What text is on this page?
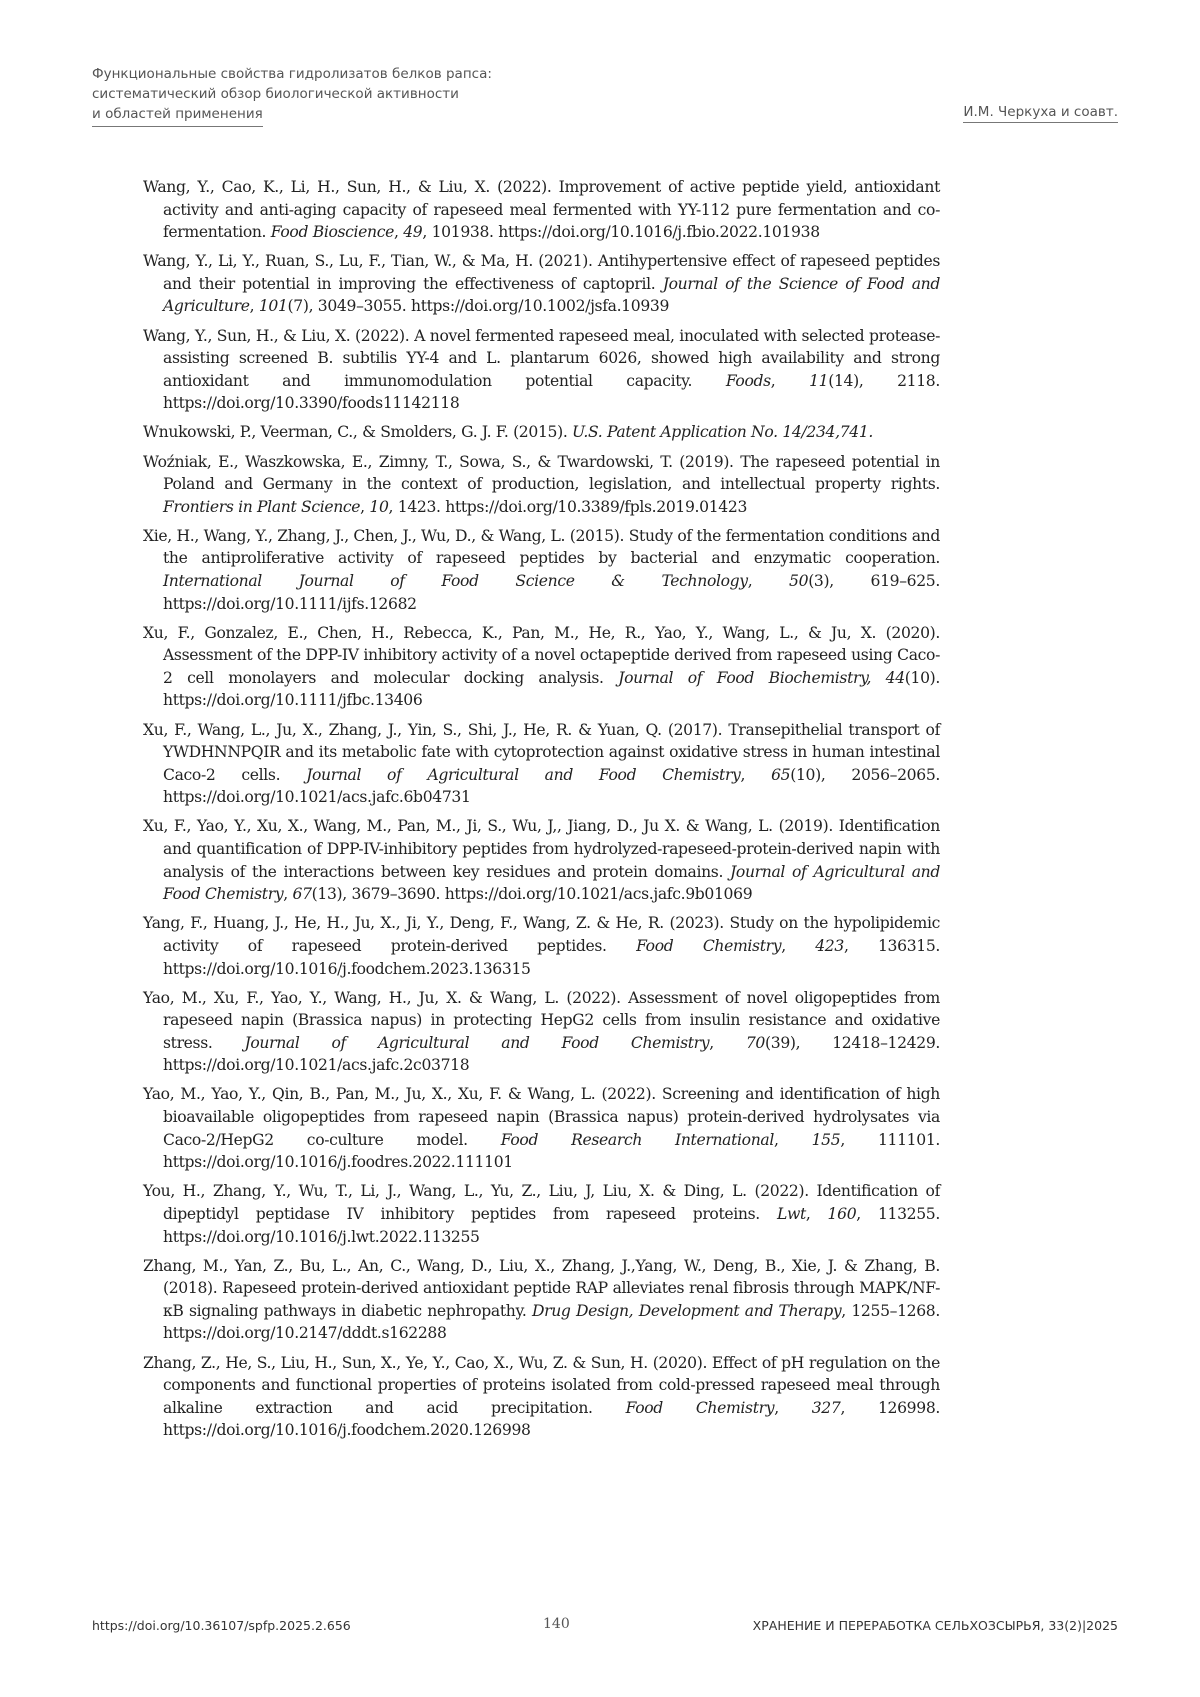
Функциональные свойства гидролизатов белков рапса:
систематический обзор биологической активности
и областей применения	И.М. Черкуха и соавт.
Wang, Y., Cao, K., Li, H., Sun, H., & Liu, X. (2022). Improvement of active peptide yield, antioxidant activity and anti-aging capacity of rapeseed meal fermented with YY-112 pure fermentation and co-fermentation. Food Bioscience, 49, 101938. https://doi.org/10.1016/j.fbio.2022.101938
Wang, Y., Li, Y., Ruan, S., Lu, F., Tian, W., & Ma, H. (2021). Antihypertensive effect of rapeseed peptides and their potential in improving the effectiveness of captopril. Journal of the Science of Food and Agriculture, 101(7), 3049–3055. https://doi.org/10.1002/jsfa.10939
Wang, Y., Sun, H., & Liu, X. (2022). A novel fermented rapeseed meal, inoculated with selected protease-assisting screened B. subtilis YY-4 and L. plantarum 6026, showed high availability and strong antioxidant and immunomodulation potential capacity. Foods, 11(14), 2118. https://doi.org/10.3390/foods11142118
Wnukowski, P., Veerman, C., & Smolders, G. J. F. (2015). U.S. Patent Application No. 14/234,741.
Woźniak, E., Waszkowska, E., Zimny, T., Sowa, S., & Twardowski, T. (2019). The rapeseed potential in Poland and Germany in the context of production, legislation, and intellectual property rights. Frontiers in Plant Science, 10, 1423. https://doi.org/10.3389/fpls.2019.01423
Xie, H., Wang, Y., Zhang, J., Chen, J., Wu, D., & Wang, L. (2015). Study of the fermentation conditions and the antiproliferative activity of rapeseed peptides by bacterial and enzymatic cooperation. International Journal of Food Science & Technology, 50(3), 619–625. https://doi.org/10.1111/ijfs.12682
Xu, F., Gonzalez, E., Chen, H., Rebecca, K., Pan, M., He, R., Yao, Y., Wang, L., & Ju, X. (2020). Assessment of the DPP-IV inhibitory activity of a novel octapeptide derived from rapeseed using Caco-2 cell monolayers and molecular docking analysis. Journal of Food Biochemistry, 44(10). https://doi.org/10.1111/jfbc.13406
Xu, F., Wang, L., Ju, X., Zhang, J., Yin, S., Shi, J., He, R. & Yuan, Q. (2017). Transepithelial transport of YWDHNNPQIR and its metabolic fate with cytoprotection against oxidative stress in human intestinal Caco-2 cells. Journal of Agricultural and Food Chemistry, 65(10), 2056–2065. https://doi.org/10.1021/acs.jafc.6b04731
Xu, F., Yao, Y., Xu, X., Wang, M., Pan, M., Ji, S., Wu, J,, Jiang, D., Ju X. & Wang, L. (2019). Identification and quantification of DPP-IV-inhibitory peptides from hydrolyzed-rapeseed-protein-derived napin with analysis of the interactions between key residues and protein domains. Journal of Agricultural and Food Chemistry, 67(13), 3679–3690. https://doi.org/10.1021/acs.jafc.9b01069
Yang, F., Huang, J., He, H., Ju, X., Ji, Y., Deng, F., Wang, Z. & He, R. (2023). Study on the hypolipidemic activity of rapeseed protein-derived peptides. Food Chemistry, 423, 136315. https://doi.org/10.1016/j.foodchem.2023.136315
Yao, M., Xu, F., Yao, Y., Wang, H., Ju, X. & Wang, L. (2022). Assessment of novel oligopeptides from rapeseed napin (Brassica napus) in protecting HepG2 cells from insulin resistance and oxidative stress. Journal of Agricultural and Food Chemistry, 70(39), 12418–12429. https://doi.org/10.1021/acs.jafc.2c03718
Yao, M., Yao, Y., Qin, B., Pan, M., Ju, X., Xu, F. & Wang, L. (2022). Screening and identification of high bioavailable oligopeptides from rapeseed napin (Brassica napus) protein-derived hydrolysates via Caco-2/HepG2 co-culture model. Food Research International, 155, 111101. https://doi.org/10.1016/j.foodres.2022.111101
You, H., Zhang, Y., Wu, T., Li, J., Wang, L., Yu, Z., Liu, J, Liu, X. & Ding, L. (2022). Identification of dipeptidyl peptidase IV inhibitory peptides from rapeseed proteins. Lwt, 160, 113255. https://doi.org/10.1016/j.lwt.2022.113255
Zhang, M., Yan, Z., Bu, L., An, C., Wang, D., Liu, X., Zhang, J.,Yang, W., Deng, B., Xie, J. & Zhang, B. (2018). Rapeseed protein-derived antioxidant peptide RAP alleviates renal fibrosis through MAPK/NF-κB signaling pathways in diabetic nephropathy. Drug Design, Development and Therapy, 1255–1268. https://doi.org/10.2147/dddt.s162288
Zhang, Z., He, S., Liu, H., Sun, X., Ye, Y., Cao, X., Wu, Z. & Sun, H. (2020). Effect of pH regulation on the components and functional properties of proteins isolated from cold-pressed rapeseed meal through alkaline extraction and acid precipitation. Food Chemistry, 327, 126998. https://doi.org/10.1016/j.foodchem.2020.126998
https://doi.org/10.36107/spfp.2025.2.656	140	ХРАНЕНИЕ И ПЕРЕРАБОТКА СЕЛЬХОЗСЫРЬЯ, 33(2)|2025
